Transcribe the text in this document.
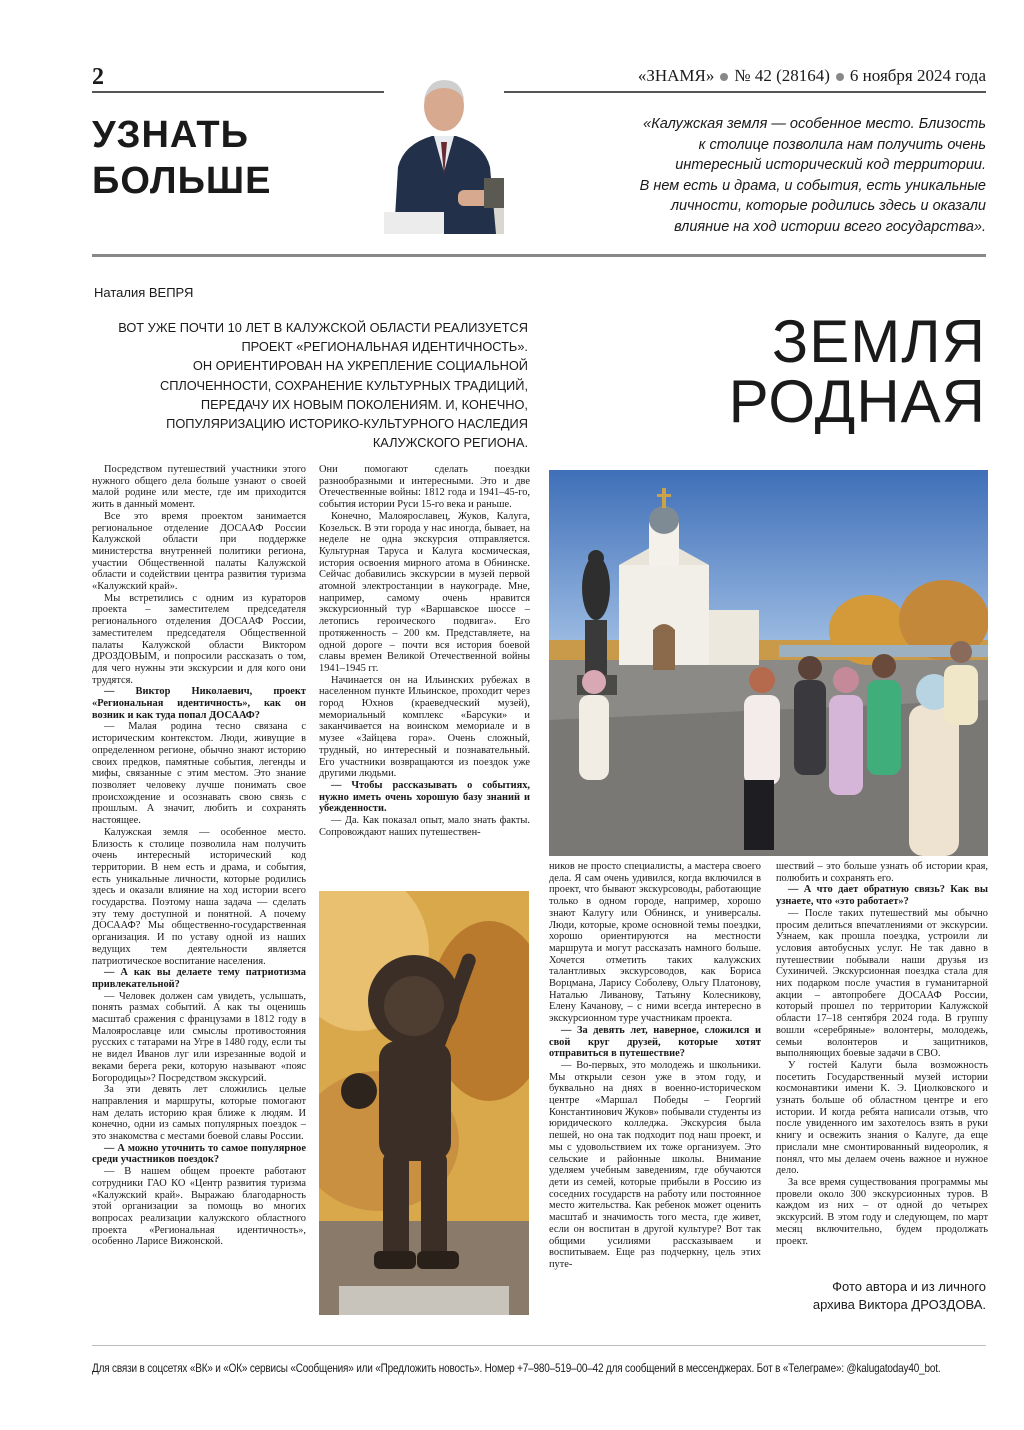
2	«ЗНАМЯ» № 42 (28164) 6 ноября 2024 года
УЗНАТЬ
БОЛЬШЕ
«Калужская земля — особенное место. Близость
к столице позволила нам получить очень
интересный исторический код территории.
В нем есть и драма, и события, есть уникальные
личности, которые родились здесь и оказали
влияние на ход истории всего государства».
Наталия ВЕПРЯ
ВОТ УЖЕ ПОЧТИ 10 ЛЕТ В КАЛУЖСКОЙ ОБЛАСТИ РЕАЛИЗУЕТСЯ
ПРОЕКТ «РЕГИОНАЛЬНАЯ ИДЕНТИЧНОСТЬ».
ОН ОРИЕНТИРОВАН НА УКРЕПЛЕНИЕ СОЦИАЛЬНОЙ
СПЛОЧЕННОСТИ, СОХРАНЕНИЕ КУЛЬТУРНЫХ ТРАДИЦИЙ,
ПЕРЕДАЧУ ИХ НОВЫМ ПОКОЛЕНИЯМ. И, КОНЕЧНО,
ПОПУЛЯРИЗАЦИЮ ИСТОРИКО-КУЛЬТУРНОГО НАСЛЕДИЯ
КАЛУЖСКОГО РЕГИОНА.
ЗЕМЛЯ
РОДНАЯ

Посредством путешествий участники этого нужного общего дела больше узнают о своей малой родине или месте, где им приходится жить в данный момент.

Все это время проектом занимается региональное отделение ДОСААФ России Калужской области при поддержке министерства внутренней политики региона, участии Общественной палаты Калужской области и содействии центра развития туризма «Калужский край».

Мы встретились с одним из кураторов проекта – заместителем председателя регионального отделения ДОСААФ России, заместителем председателя Общественной палаты Калужской области Виктором ДРОЗДОВЫМ, и попросили рассказать о том, для чего нужны эти экскурсии и для кого они трудятся.

— Виктор Николаевич, проект «Региональная идентичность», как он возник и как туда попал ДОСААФ?

— Малая родина тесно связана с историческим контекстом. Люди, живущие в определенном регионе, обычно знают историю своих предков, памятные события, легенды и мифы, связанные с этим местом. Это знание позволяет человеку лучше понимать свое происхождение и осознавать свою связь с прошлым. А значит, любить и сохранять настоящее.

Калужская земля — особенное место. Близость к столице позволила нам получить очень интересный исторический код территории. В нем есть и драма, и события, есть уникальные личности, которые родились здесь и оказали влияние на ход истории всего государства. Поэтому наша задача — сделать эту тему доступной и понятной. А почему ДОСААФ? Мы общественно-государственная организация. И по уставу одной из наших ведущих тем деятельности является патриотическое воспитание населения.

— А как вы делаете тему патриотизма привлекательной?

— Человек должен сам увидеть, услышать, понять размах событий. А как ты оценишь масштаб сражения с французами в 1812 году в Малоярославце или смыслы противостояния русских с татарами на Угре в 1480 году, если ты не видел Иванов луг или изрезанные водой и веками берега реки, которую называют «пояс Богородицы»? Посредством экскурсий.

За эти девять лет сложились целые направления и маршруты, которые помогают нам делать историю края ближе к людям. И конечно, одни из самых популярных поездок – это знакомства с местами боевой славы России.

— А можно уточнить то самое популярное среди участников поездок?

— В нашем общем проекте работают сотрудники ГАО КО «Центр развития туризма «Калужский край». Выражаю благодарность этой организации за помощь во многих вопросах реализации калужского областного проекта «Региональная идентичность», особенно Ларисе Вижонской.

Они помогают сделать поездки разнообразными и интересными. Это и две Отечественные войны: 1812 года и 1941–45-го, события истории Руси 15-го века и раньше.

Конечно, Малоярославец, Жуков, Калуга, Козельск. В эти города у нас иногда, бывает, на неделе не одна экскурсия отправляется. Культурная Таруса и Калуга космическая, история освоения мирного атома в Обнинске. Сейчас добавились экскурсии в музей первой атомной электростанции в наукограде. Мне, например, самому очень нравится экскурсионный тур «Варшавское шоссе – летопись героического подвига». Его протяженность – 200 км. Представляете, на одной дороге – почти вся история боевой славы времен Великой Отечественной войны 1941–1945 гг.

Начинается он на Ильинских рубежах в населенном пункте Ильинское, проходит через город Юхнов (краеведческий музей), мемориальный комплекс «Барсуки» и заканчивается на воинском мемориале и в музее «Зайцева гора». Очень сложный, трудный, но интересный и познавательный. Его участники возвращаются из поездок уже другими людьми.

— Чтобы рассказывать о событиях, нужно иметь очень хорошую базу знаний и убежденности.

— Да. Как показал опыт, мало знать факты. Сопровождают наших путешествен-

ников не просто специалисты, а мастера своего дела. Я сам очень удивился, когда включился в проект, что бывают экскурсоводы, работающие только в одном городе, например, хорошо знают Калугу или Обнинск, и универсалы. Люди, которые, кроме основной темы поездки, хорошо ориентируются на местности маршрута и могут рассказать намного больше. Хочется отметить таких калужских талантливых экскурсоводов, как Бориса Ворцмана, Ларису Соболеву, Ольгу Платонову, Наталью Ливанову, Татьяну Колесникову, Елену Качанову, – с ними всегда интересно в экскурсионном туре участникам проекта.

— За девять лет, наверное, сложился и свой круг друзей, которые хотят отправиться в путешествие?

— Во-первых, это молодежь и школьники. Мы открыли сезон уже в этом году, и буквально на днях в военно-историческом центре «Маршал Победы – Георгий Константинович Жуков» побывали студенты из юридического колледжа. Экскурсия была пешей, но она так подходит под наш проект, и мы с удовольствием их тоже организуем. Это сельские и районные школы. Внимание уделяем учебным заведениям, где обучаются дети из семей, которые прибыли в Россию из соседних государств на работу или постоянное место жительства. Как ребенок может оценить масштаб и значимость того места, где живет, если он воспитан в другой культуре? Вот так общими усилиями рассказываем и воспитываем. Еще раз подчеркну, цель этих путе-

шествий – это больше узнать об истории края, полюбить и сохранять его.

— А что дает обратную связь? Как вы узнаете, что «это работает»?

— После таких путешествий мы обычно просим делиться впечатлениями от экскурсии. Узнаем, как прошла поездка, устроили ли условия автобусных услуг. Не так давно в путешествии побывали наши друзья из Сухиничей. Экскурсионная поездка стала для них подарком после участия в гуманитарной акции – автопробеге ДОСААФ России, который прошел по территории Калужской области 17–18 сентября 2024 года. В группу вошли «серебряные» волонтеры, молодежь, семьи волонтеров и защитников, выполняющих боевые задачи в СВО.

У гостей Калуги была возможность посетить Государственный музей истории космонавтики имени К. Э. Циолковского и узнать больше об областном центре и его истории. И когда ребята написали отзыв, что после увиденного им захотелось взять в руки книгу и освежить знания о Калуге, да еще прислали мне смонтированный видеоролик, я понял, что мы делаем очень важное и нужное дело.

За все время существования программы мы провели около 300 экскурсионных туров. В каждом из них – от одной до четырех экскурсий. В этом году и следующем, по март месяц включительно, будем продолжать проект.

Фото автора и из личного
архива Виктора ДРОЗДОВА.
Для связи в соцсетях «ВК» и «ОК» сервисы «Сообщения» или «Предложить новость». Номер +7–980–519–00–42 для сообщений в мессенджерах. Бот в «Телеграме»: @kalugatoday40_bot.
